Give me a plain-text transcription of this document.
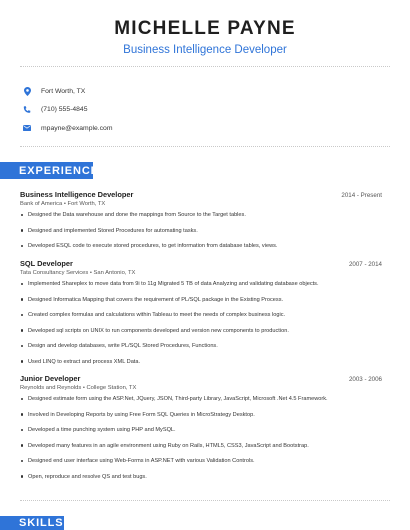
MICHELLE PAYNE
Business Intelligence Developer
Fort Worth, TX
(710) 555-4845
mpayne@example.com
EXPERIENCE
Business Intelligence Developer	2014 - Present
Bank of America • Fort Worth, TX
Designed the Data warehouse and done the mappings from Source to the Target tables.
Designed and implemented Stored Procedures for automating tasks.
Developed ESQL code to execute stored procedures, to get information from database tables, views.
SQL Developer	2007 - 2014
Tata Consultancy Services • San Antonio, TX
Implemented Shareplex to move data from 9i to 11g Migrated 5 TB of data Analyzing and validating database objects.
Designed Informatica Mapping that covers the requirement of PL/SQL package in the Existing Process.
Created complex formulas and calculations within Tableau to meet the needs of complex business logic.
Developed sql scripts on UNIX to run components developed and version new components to production.
Design and develop databases, write PL/SQL Stored Procedures, Functions.
Used LINQ to extract and process XML Data.
Junior Developer	2003 - 2006
Reynolds and Reynolds • College Station, TX
Designed estimate form using the ASP.Net, JQuery, JSON, Third-party Library, JavaScript, Microsoft .Net 4.5 Framework.
Involved in Developing Reports by using Free Form SQL Queries in MicroStrategy Desktop.
Developed a time punching system using PHP and MySQL.
Developed many features in an agile environment using Ruby on Rails, HTML5, CSS3, JavaScript and Bootstrap.
Designed end user interface using Web-Forms in ASP.NET with various Validation Controls.
Open, reproduce and resolve QS and test bugs.
SKILLS
